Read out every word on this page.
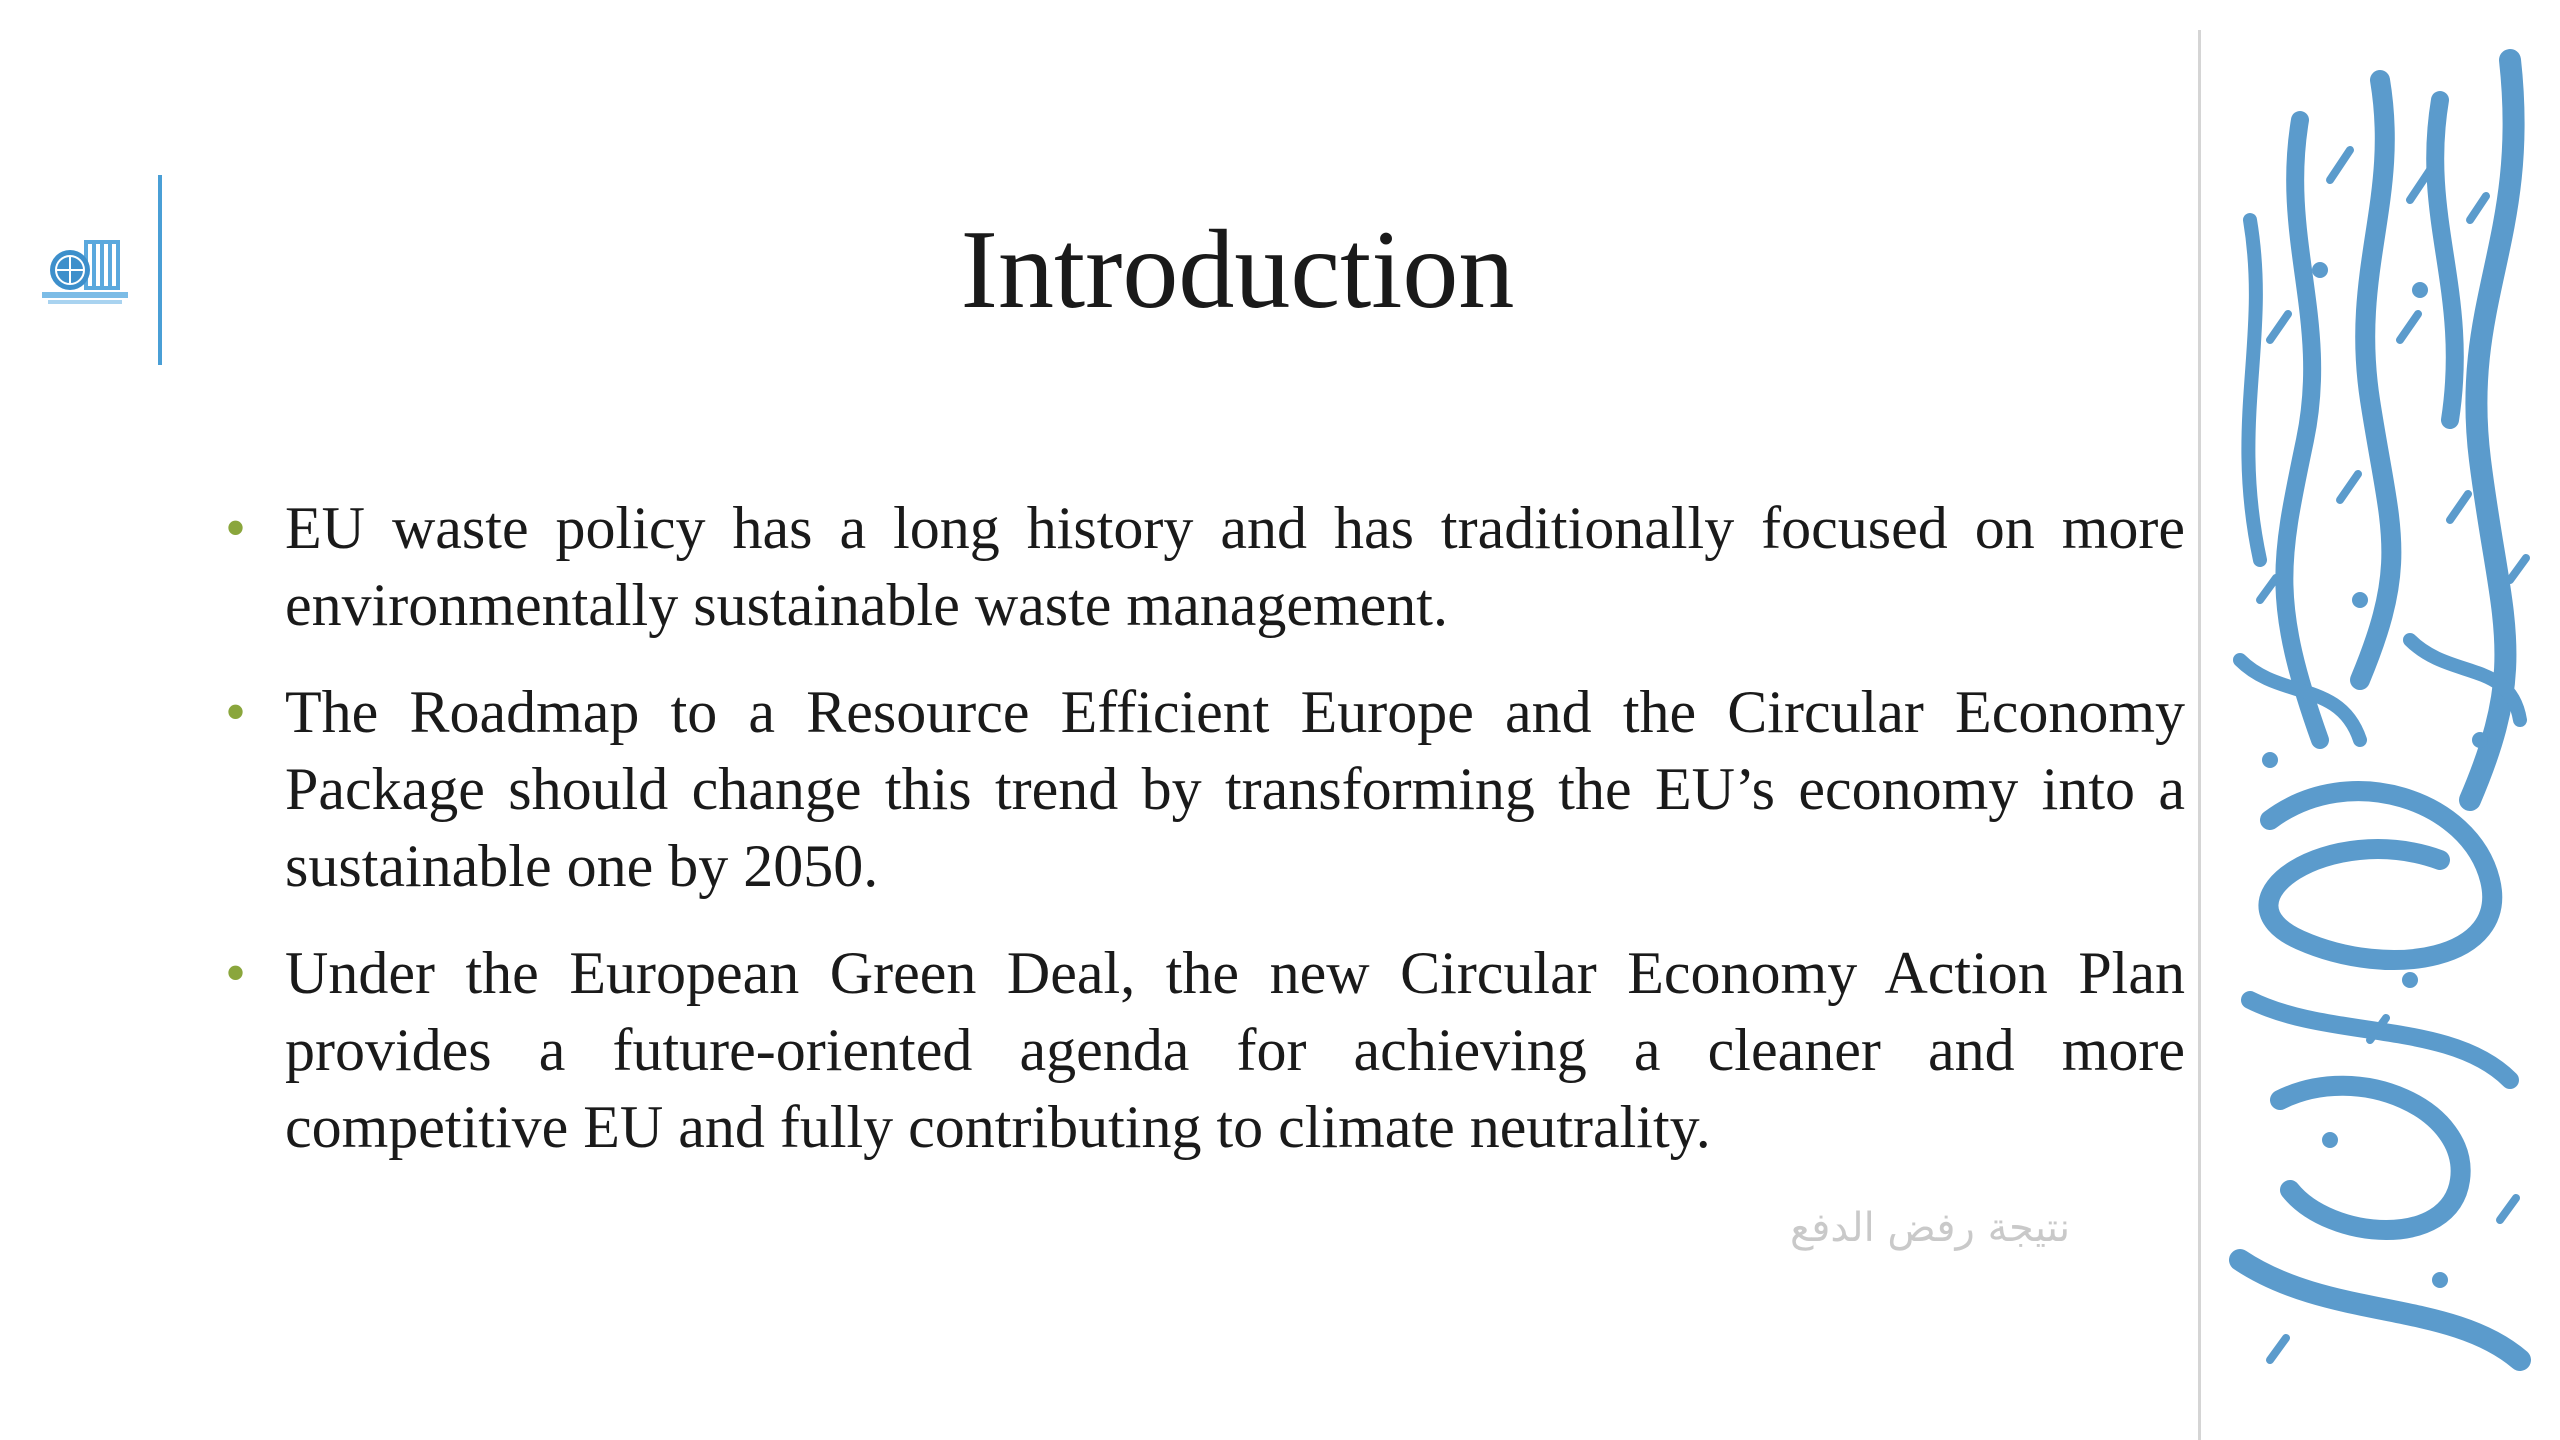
Introduction
• EU waste policy has a long history and has traditionally focused on more environmentally sustainable waste management.
• The Roadmap to a Resource Efficient Europe and the Circular Economy Package should change this trend by transforming the EU’s economy into a sustainable one by 2050.
• Under the European Green Deal, the new Circular Economy Action Plan provides a future-oriented agenda for achieving a cleaner and more competitive EU and fully contributing to climate neutrality.
نتيجة رفض الدفع
